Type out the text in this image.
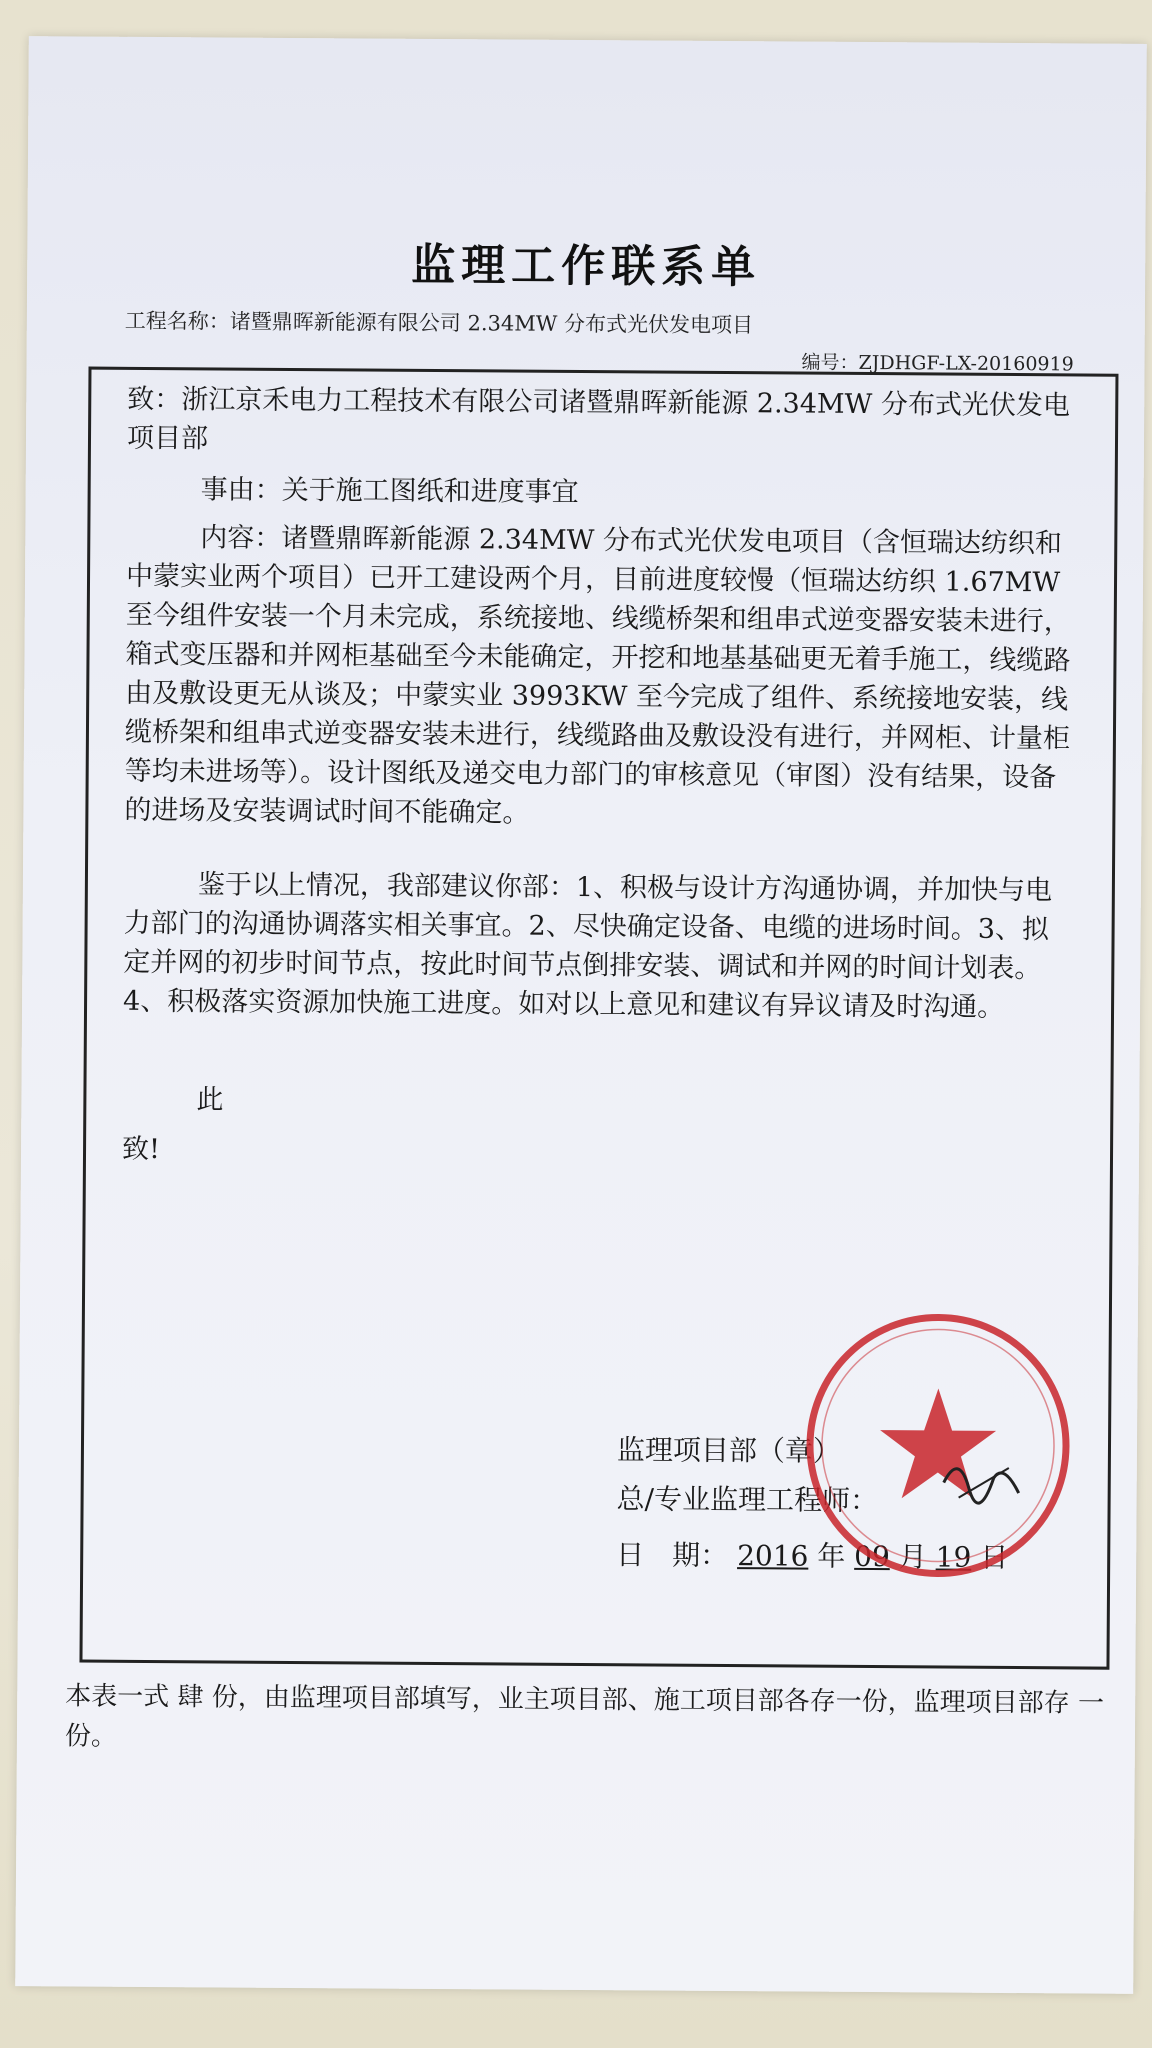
监理工作联系单
工程名称：诸暨鼎晖新能源有限公司 2.34MW 分布式光伏发电项目
编号：ZJDHGF-LX-20160919
致：浙江京禾电力工程技术有限公司诸暨鼎晖新能源 2.34MW 分布式光伏发电项目部
事由：关于施工图纸和进度事宜
内容：诸暨鼎晖新能源 2.34MW 分布式光伏发电项目（含恒瑞达纺织和中蒙实业两个项目）已开工建设两个月，目前进度较慢（恒瑞达纺织 1.67MW 至今组件安装一个月未完成，系统接地、线缆桥架和组串式逆变器安装未进行，箱式变压器和并网柜基础至今未能确定，开挖和地基基础更无着手施工，线缆路由及敷设更无从谈及；中蒙实业 3993KW 至今完成了组件、系统接地安装，线缆桥架和组串式逆变器安装未进行，线缆路曲及敷设没有进行，并网柜、计量柜等均未进场等）。设计图纸及递交电力部门的审核意见（审图）没有结果，设备的进场及安装调试时间不能确定。
鉴于以上情况，我部建议你部：1、积极与设计方沟通协调，并加快与电力部门的沟通协调落实相关事宜。2、尽快确定设备、电缆的进场时间。3、拟定并网的初步时间节点，按此时间节点倒排安装、调试和并网的时间计划表。4、积极落实资源加快施工进度。如对以上意见和建议有异议请及时沟通。
此
致!
监理项目部（章）
总/专业监理工程师：
日　期： 2016 年 09 月 19 日
本表一式 肆 份，由监理项目部填写，业主项目部、施工项目部各存一份，监理项目部存 一 份。
